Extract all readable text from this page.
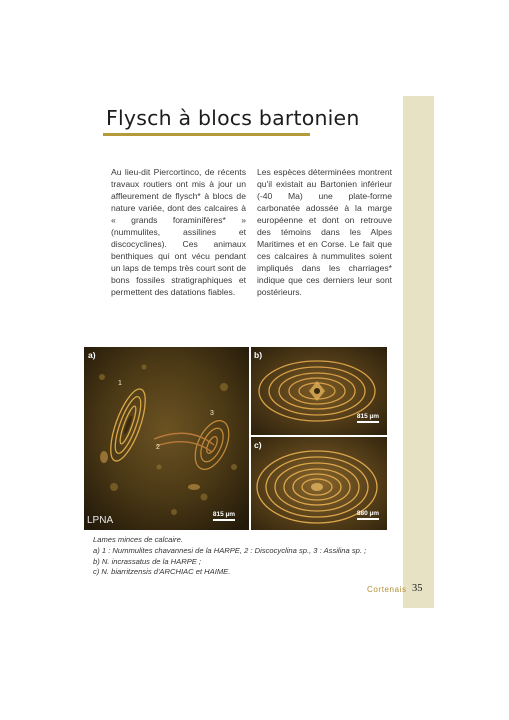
Flysch à blocs bartonien

Au lieu-dit Piercortinco, de récents travaux routiers ont mis à jour un affleurement de flysch* à blocs de nature variée, dont des calcaires à « grands foraminifères* » (nummulites, assilines et discocyclines). Ces animaux benthiques qui ont vécu pendant un laps de temps très court sont de bons fossiles stratigraphiques et permettent des datations fiables.

Les espèces déterminées montrent qu'il existait au Bartonien inférieur (-40 Ma) une plate-forme carbonatée adossée à la marge européenne et dont on retrouve des témoins dans les Alpes Maritimes et en Corse. Le fait que ces calcaires à nummulites soient impliqués dans les charriages* indique que ces derniers leur sont postérieurs.

a)
1
2
3
LPNA
815 µm
b)
815 µm
c)
880 µm
Lames minces de calcaire.
a) 1 : Nummulites chavannesi de la HARPE, 2 : Discocyclina sp., 3 : Assilina sp. ;
b) N. incrassatus de la HARPE ;
c) N. biarritzensis d'ARCHIAC et HAIME.
Cortenais 35
